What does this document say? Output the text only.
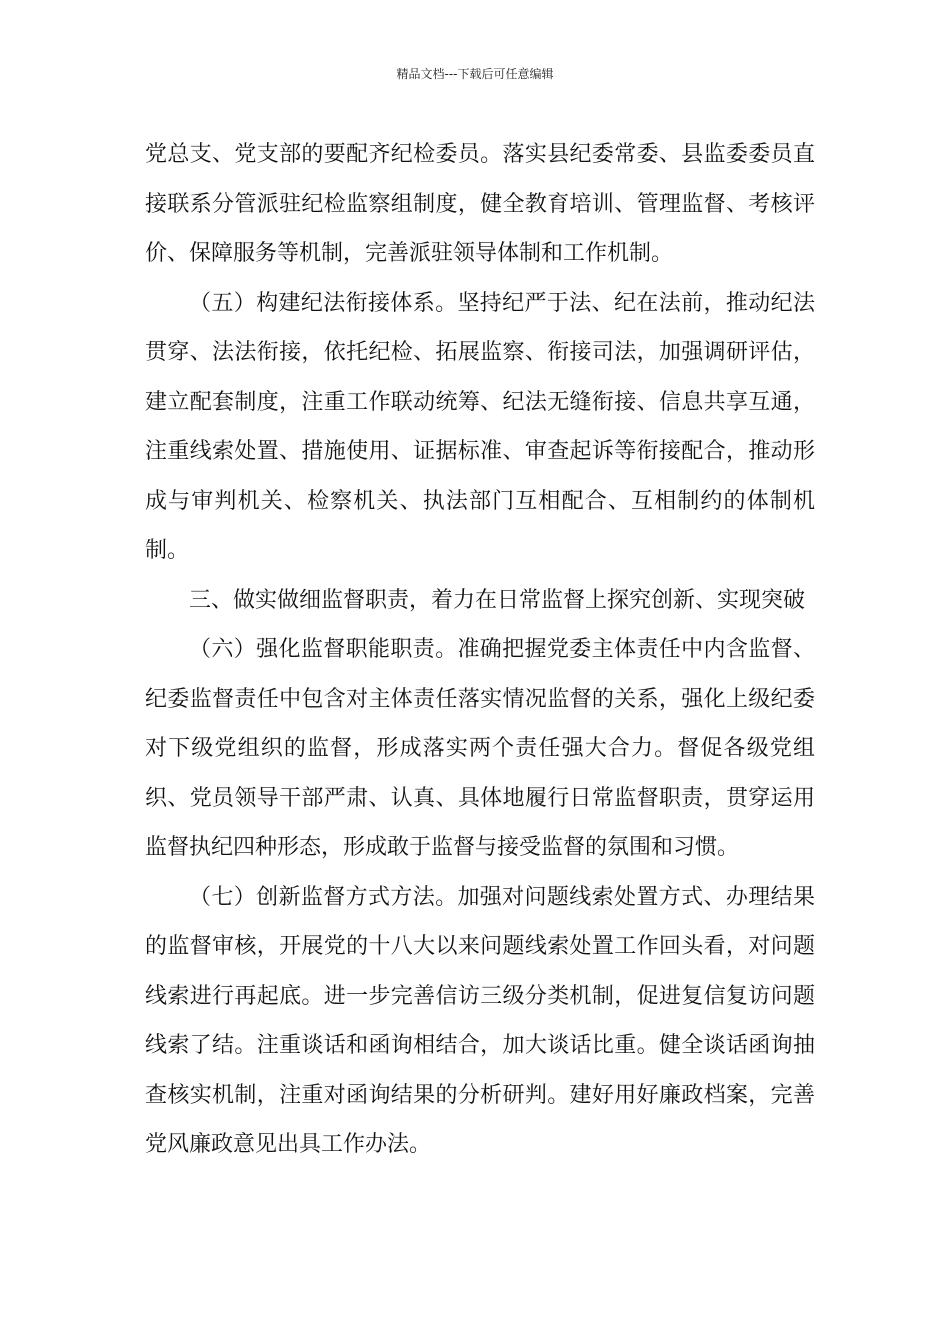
精品文档---下载后可任意编辑

党总支、党支部的要配齐纪检委员。落实县纪委常委、县监委委员直接联系分管派驻纪检监察组制度，健全教育培训、管理监督、考核评价、保障服务等机制，完善派驻领导体制和工作机制。

（五）构建纪法衔接体系。坚持纪严于法、纪在法前，推动纪法贯穿、法法衔接，依托纪检、拓展监察、衔接司法，加强调研评估，建立配套制度，注重工作联动统筹、纪法无缝衔接、信息共享互通，注重线索处置、措施使用、证据标准、审查起诉等衔接配合，推动形成与审判机关、检察机关、执法部门互相配合、互相制约的体制机制。

三、做实做细监督职责，着力在日常监督上探究创新、实现突破

（六）强化监督职能职责。准确把握党委主体责任中内含监督、纪委监督责任中包含对主体责任落实情况监督的关系，强化上级纪委对下级党组织的监督，形成落实两个责任强大合力。督促各级党组织、党员领导干部严肃、认真、具体地履行日常监督职责，贯穿运用监督执纪四种形态，形成敢于监督与接受监督的氛围和习惯。

（七）创新监督方式方法。加强对问题线索处置方式、办理结果的监督审核，开展党的十八大以来问题线索处置工作回头看，对问题线索进行再起底。进一步完善信访三级分类机制，促进复信复访问题线索了结。注重谈话和函询相结合，加大谈话比重。健全谈话函询抽查核实机制，注重对函询结果的分析研判。建好用好廉政档案，完善党风廉政意见出具工作办法。
